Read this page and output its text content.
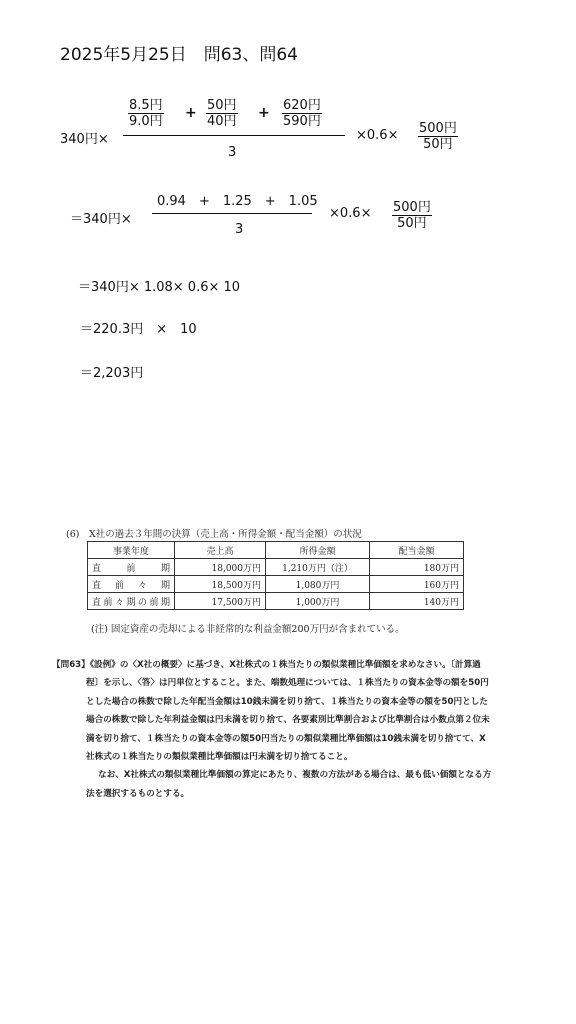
2025年5月25日　問63、問64
340円×
8.5円
9.0円
+ 50円
40円
+ 620円
590円
3
×0.6× 500円
50円
＝340円×
0.94　+　1.25　+　1.05
3
×0.6× 500円
50円
＝340円× 1.08× 0.6× 10
＝220.3円　×　10
＝2,203円
(6)　X社の過去３年間の決算（売上高・所得金額・配当金額）の状況
事業年度	売上高	所得金額	配当金額
直　前　期	18,000万円	1,210万円（注）	180万円
直　前　々　期	18,500万円	1,080万円	160万円
直前々期の前期	17,500万円	1,000万円	140万円
(注) 固定資産の売却による非経常的な利益金額200万円が含まれている。

【問63】《設例》の〈X社の概要〉に基づき、X社株式の１株当たりの類似業種比準価額を求めなさい。〔計算過程〕を示し、〈答〉は円単位とすること。また、端数処理については、１株当たりの資本金等の額を50円とした場合の株数で除した年配当金額は10銭未満を切り捨て、１株当たりの資本金等の額を50円とした場合の株数で除した年利益金額は円未満を切り捨て、各要素別比準割合および比準割合は小数点第２位未満を切り捨て、１株当たりの資本金等の額50円当たりの類似業種比準価額は10銭未満を切り捨てて、X社株式の１株当たりの類似業種比準価額は円未満を切り捨てること。

なお、X社株式の類似業種比準価額の算定にあたり、複数の方法がある場合は、最も低い価額となる方法を選択するものとする。
